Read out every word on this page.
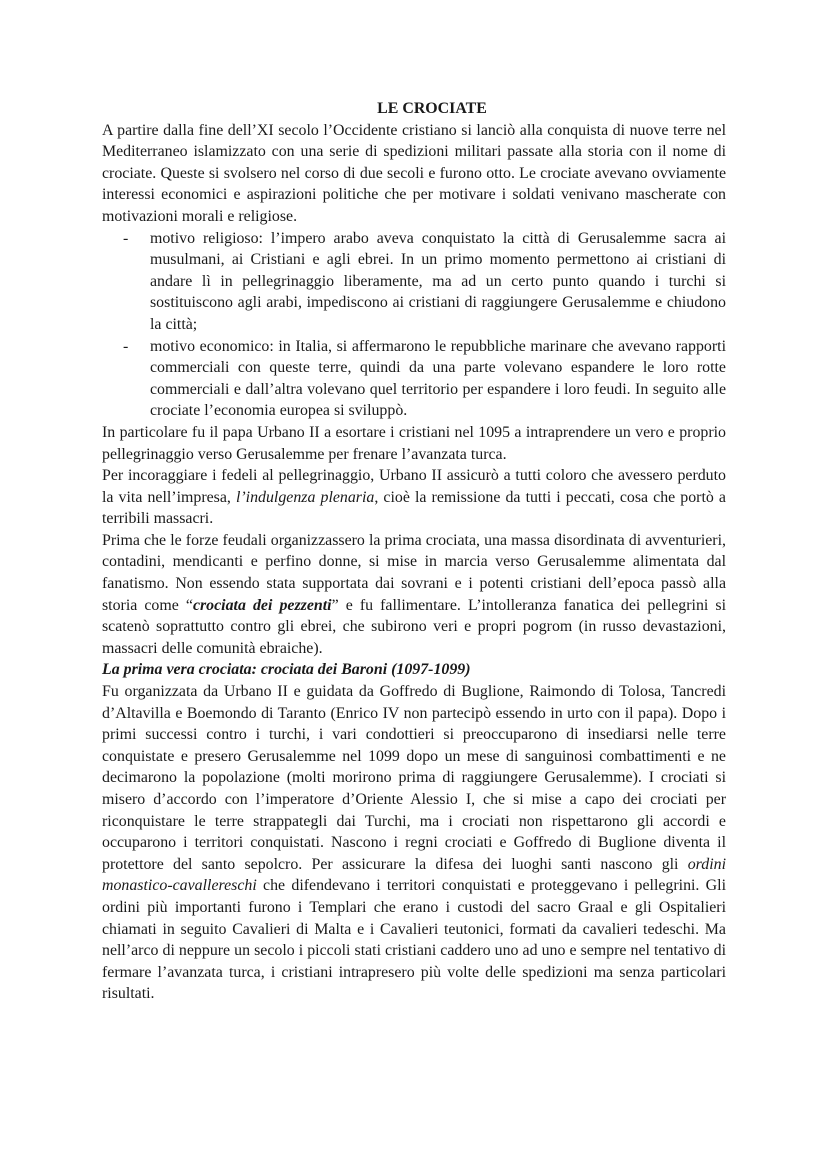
LE CROCIATE

A partire dalla fine dell’XI secolo l’Occidente cristiano si lanciò alla conquista di nuove terre nel Mediterraneo islamizzato con una serie di spedizioni militari passate alla storia con il nome di crociate. Queste si svolsero nel corso di due secoli e furono otto. Le crociate avevano ovviamente interessi economici e aspirazioni politiche che per motivare i soldati venivano mascherate con motivazioni morali e religiose.

- motivo religioso: l’impero arabo aveva conquistato la città di Gerusalemme sacra ai musulmani, ai Cristiani e agli ebrei. In un primo momento permettono ai cristiani di andare lì in pellegrinaggio liberamente, ma ad un certo punto quando i turchi si sostituiscono agli arabi, impediscono ai cristiani di raggiungere Gerusalemme e chiudono la città;
- motivo economico: in Italia, si affermarono le repubbliche marinare che avevano rapporti commerciali con queste terre, quindi da una parte volevano espandere le loro rotte commerciali e dall’altra volevano quel territorio per espandere i loro feudi. In seguito alle crociate l’economia europea si sviluppò.

In particolare fu il papa Urbano II a esortare i cristiani nel 1095 a intraprendere un vero e proprio pellegrinaggio verso Gerusalemme per frenare l’avanzata turca.

Per incoraggiare i fedeli al pellegrinaggio, Urbano II assicurò a tutti coloro che avessero perduto la vita nell’impresa, l’indulgenza plenaria, cioè la remissione da tutti i peccati, cosa che portò a terribili massacri.

Prima che le forze feudali organizzassero la prima crociata, una massa disordinata di avventurieri, contadini, mendicanti e perfino donne, si mise in marcia verso Gerusalemme alimentata dal fanatismo. Non essendo stata supportata dai sovrani e i potenti cristiani dell’epoca passò alla storia come “crociata dei pezzenti” e fu fallimentare. L’intolleranza fanatica dei pellegrini si scatenò soprattutto contro gli ebrei, che subirono veri e propri pogrom (in russo devastazioni, massacri delle comunità ebraiche).

La prima vera crociata: crociata dei Baroni (1097-1099)

Fu organizzata da Urbano II e guidata da Goffredo di Buglione, Raimondo di Tolosa, Tancredi d’Altavilla e Boemondo di Taranto (Enrico IV non partecipò essendo in urto con il papa). Dopo i primi successi contro i turchi, i vari condottieri si preoccuparono di insediarsi nelle terre conquistate e presero Gerusalemme nel 1099 dopo un mese di sanguinosi combattimenti e ne decimarono la popolazione (molti morirono prima di raggiungere Gerusalemme). I crociati si misero d’accordo con l’imperatore d’Oriente Alessio I, che si mise a capo dei crociati per riconquistare le terre strappategli dai Turchi, ma i crociati non rispettarono gli accordi e occuparono i territori conquistati. Nascono i regni crociati e Goffredo di Buglione diventa il protettore del santo sepolcro. Per assicurare la difesa dei luoghi santi nascono gli ordini monastico-cavallereschi che difendevano i territori conquistati e proteggevano i pellegrini. Gli ordini più importanti furono i Templari che erano i custodi del sacro Graal e gli Ospitalieri chiamati in seguito Cavalieri di Malta e i Cavalieri teutonici, formati da cavalieri tedeschi. Ma nell’arco di neppure un secolo i piccoli stati cristiani caddero uno ad uno e sempre nel tentativo di fermare l’avanzata turca, i cristiani intrapresero più volte delle spedizioni ma senza particolari risultati.
